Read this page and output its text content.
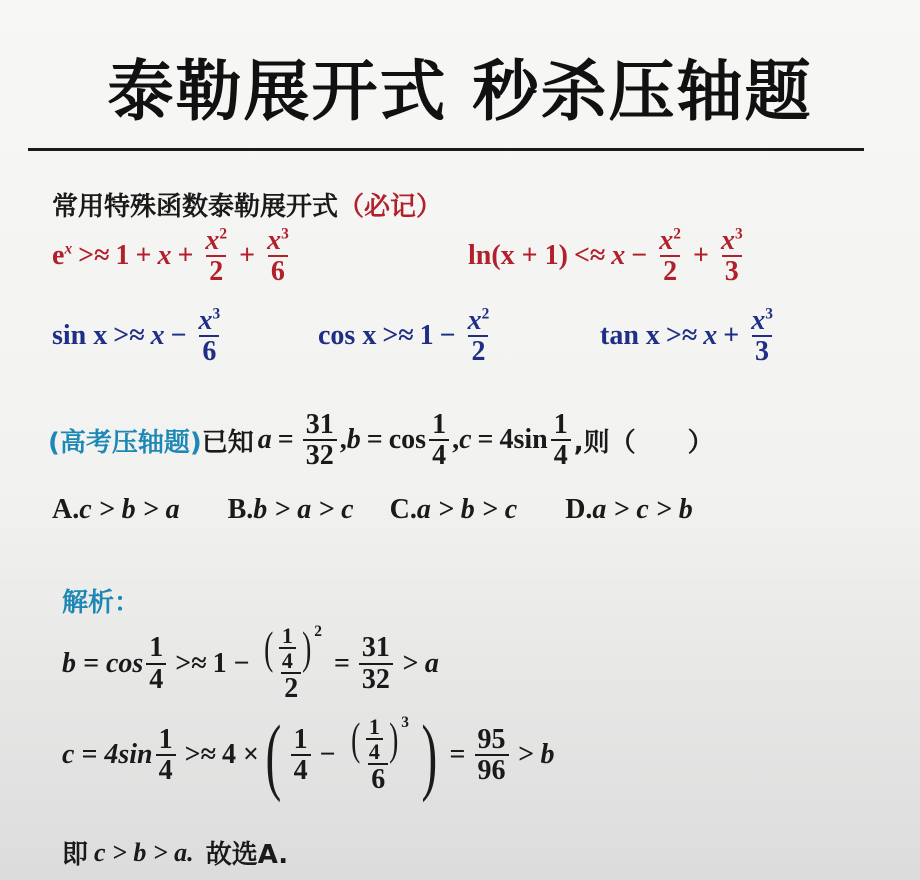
泰勒展开式 秒杀压轴题
常用特殊函数泰勒展开式 （必记）
$e^x >\approx 1 + x + \frac{x^2}{2} + \frac{x^3}{6}$	$\ln(x + 1) <\approx x - \frac{x^2}{2} + \frac{x^3}{3}$
$\sin x >\approx x - \frac{x^3}{6}$	$\cos x >\approx 1 - \frac{x^2}{2}$	$\tan x >\approx x + \frac{x^3}{3}$
(高考压轴题) 已知 $a = \frac{31}{32}$ , $b = \cos \frac{1}{4}$ , $c = 4\sin \frac{1}{4}$ ,则（　　）
A.c > b > a B.b > a > c C.a > b > c D.a > c > b
解析：
$b = \cos \frac{1}{4} >\approx 1 - \frac{( \frac{1}{4} ) 2}{2} = \frac{31}{32} > a$
$c = 4\sin \frac{1}{4} >\approx 4$ × ( $\frac{1}{4} - \frac{( \frac{1}{4} ) 3}{6}$ ) = $\frac{95}{96} > b$
即 c > b > a. 故选A.
